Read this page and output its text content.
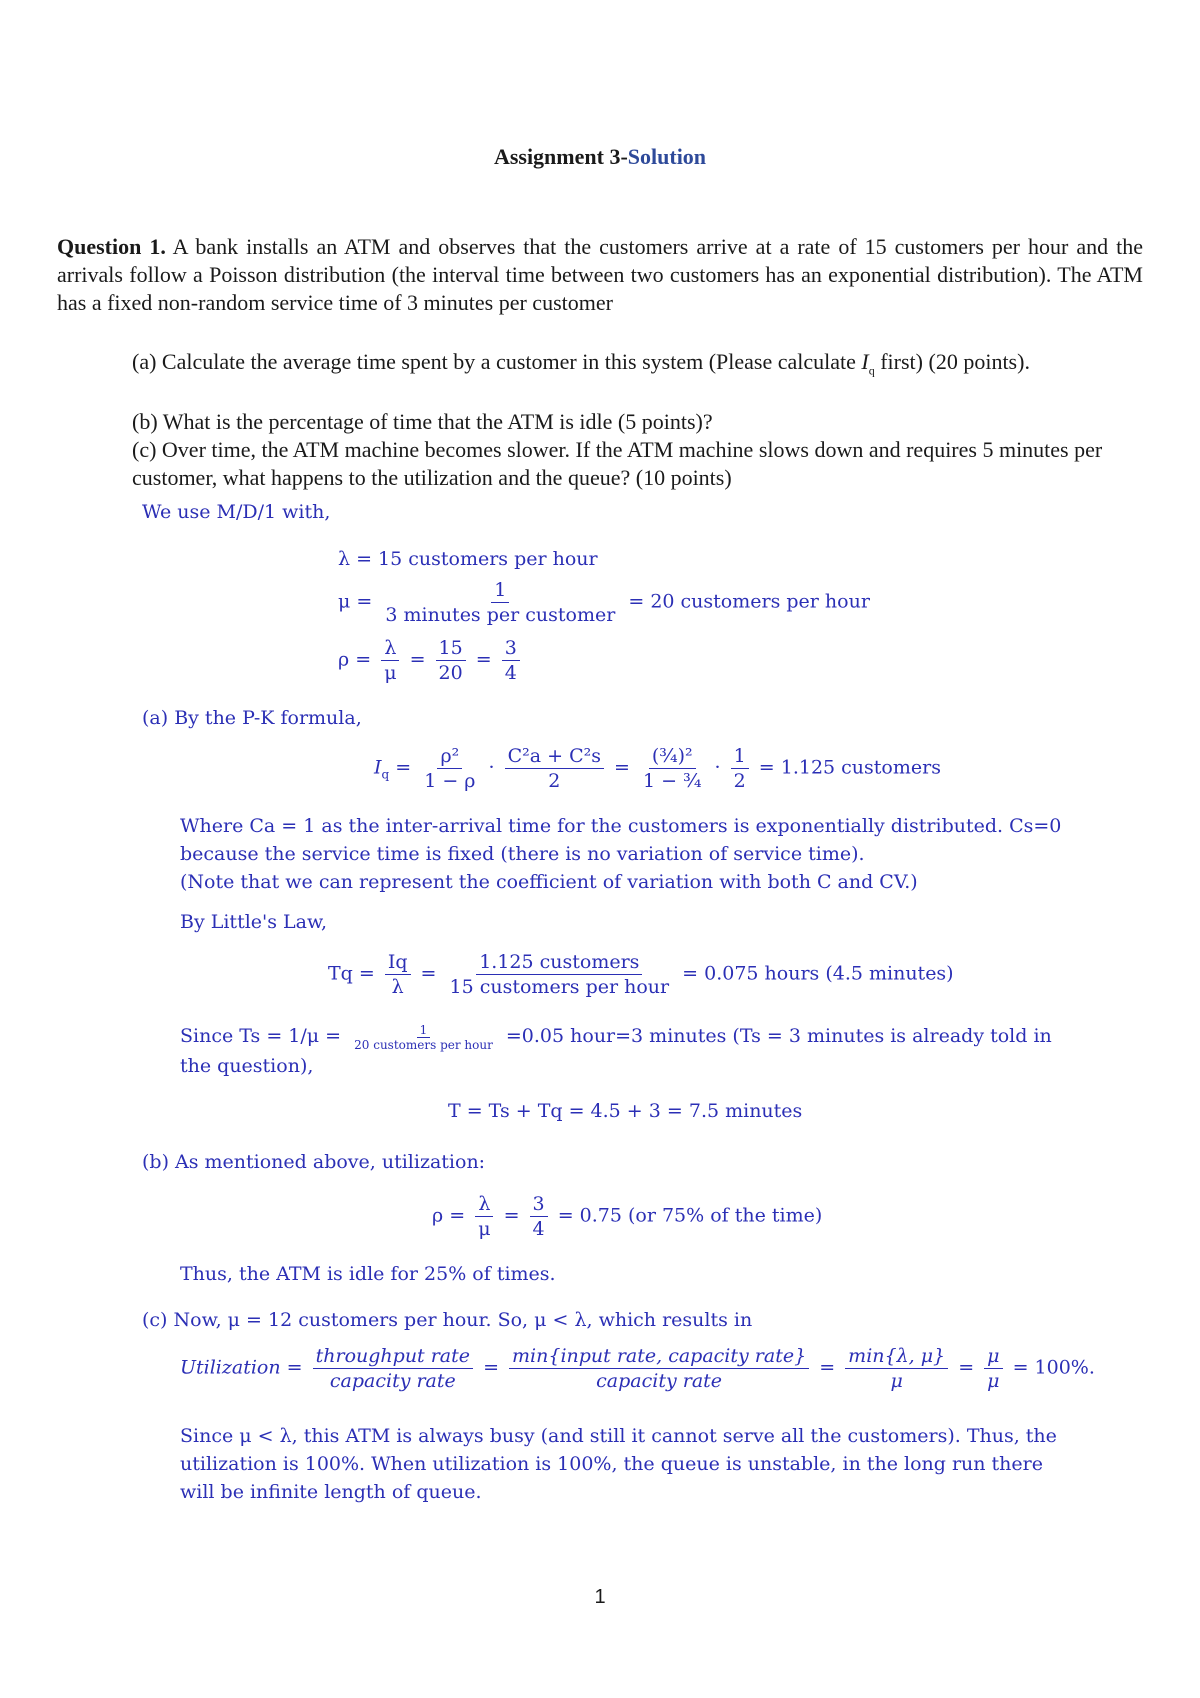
Assignment 3-Solution
Question 1. A bank installs an ATM and observes that the customers arrive at a rate of 15 customers per hour and the arrivals follow a Poisson distribution (the interval time between two customers has an exponential distribution). The ATM has a fixed non-random service time of 3 minutes per customer
(a) Calculate the average time spent by a customer in this system (Please calculate $I_q$ first) (20 points).
(b) What is the percentage of time that the ATM is idle (5 points)?
(c) Over time, the ATM machine becomes slower. If the ATM machine slows down and requires 5 minutes per customer, what happens to the utilization and the queue? (10 points)
We use M/D/1 with,
λ = 15 customers per hour
$\mu = \frac{1}{\text{3 minutes per customer}} = 20$ customers per hour
$\rho = \frac{\lambda}{\mu} = \frac{15}{20} = \frac{3}{4}$
(a) By the P-K formula,
$I_q = \frac{\text{ρ²}}{1 - \rho} \cdot \frac{\text{C²a + C²s}}{2} = \frac{\text{(¾)²}}{\text{1 − ¾}} \cdot \frac{1}{2} = 1.125$ customers
Where Ca = 1 as the inter-arrival time for the customers is exponentially distributed. Cs=0 because the service time is fixed (there is no variation of service time).
(Note that we can represent the coefficient of variation with both C and CV.)
By Little's Law,
$Tq = \frac{Iq}{\lambda} = \frac{\text{1.125 customers}}{\text{15 customers per hour}} = 0.075$ hours (4.5 minutes)
Since $Ts = 1/\mu = \frac{1}{\text{20 customers per hour}} =0.05$ hour=3 minutes (Ts = 3 minutes is already told in the question),
T = Ts + Tq = 4.5 + 3 = 7.5 minutes
(b) As mentioned above, utilization:
$\rho = \frac{\lambda}{\mu} = \frac{3}{4} = 0.75$ (or 75% of the time)
Thus, the ATM is idle for 25% of times.
(c) Now, μ = 12 customers per hour. So, μ < λ, which results in
Utilization = $\frac{\text{throughput rate}}{\text{capacity rate}} = \frac{\text{min\{input rate, capacity rate\}}}{\text{capacity rate}} = \frac{\min\{\lambda, \mu\}}{\mu} = \frac{\mu}{\mu} = 100\%$.
Since μ < λ, this ATM is always busy (and still it cannot serve all the customers). Thus, the utilization is 100%. When utilization is 100%, the queue is unstable, in the long run there will be infinite length of queue.
1
